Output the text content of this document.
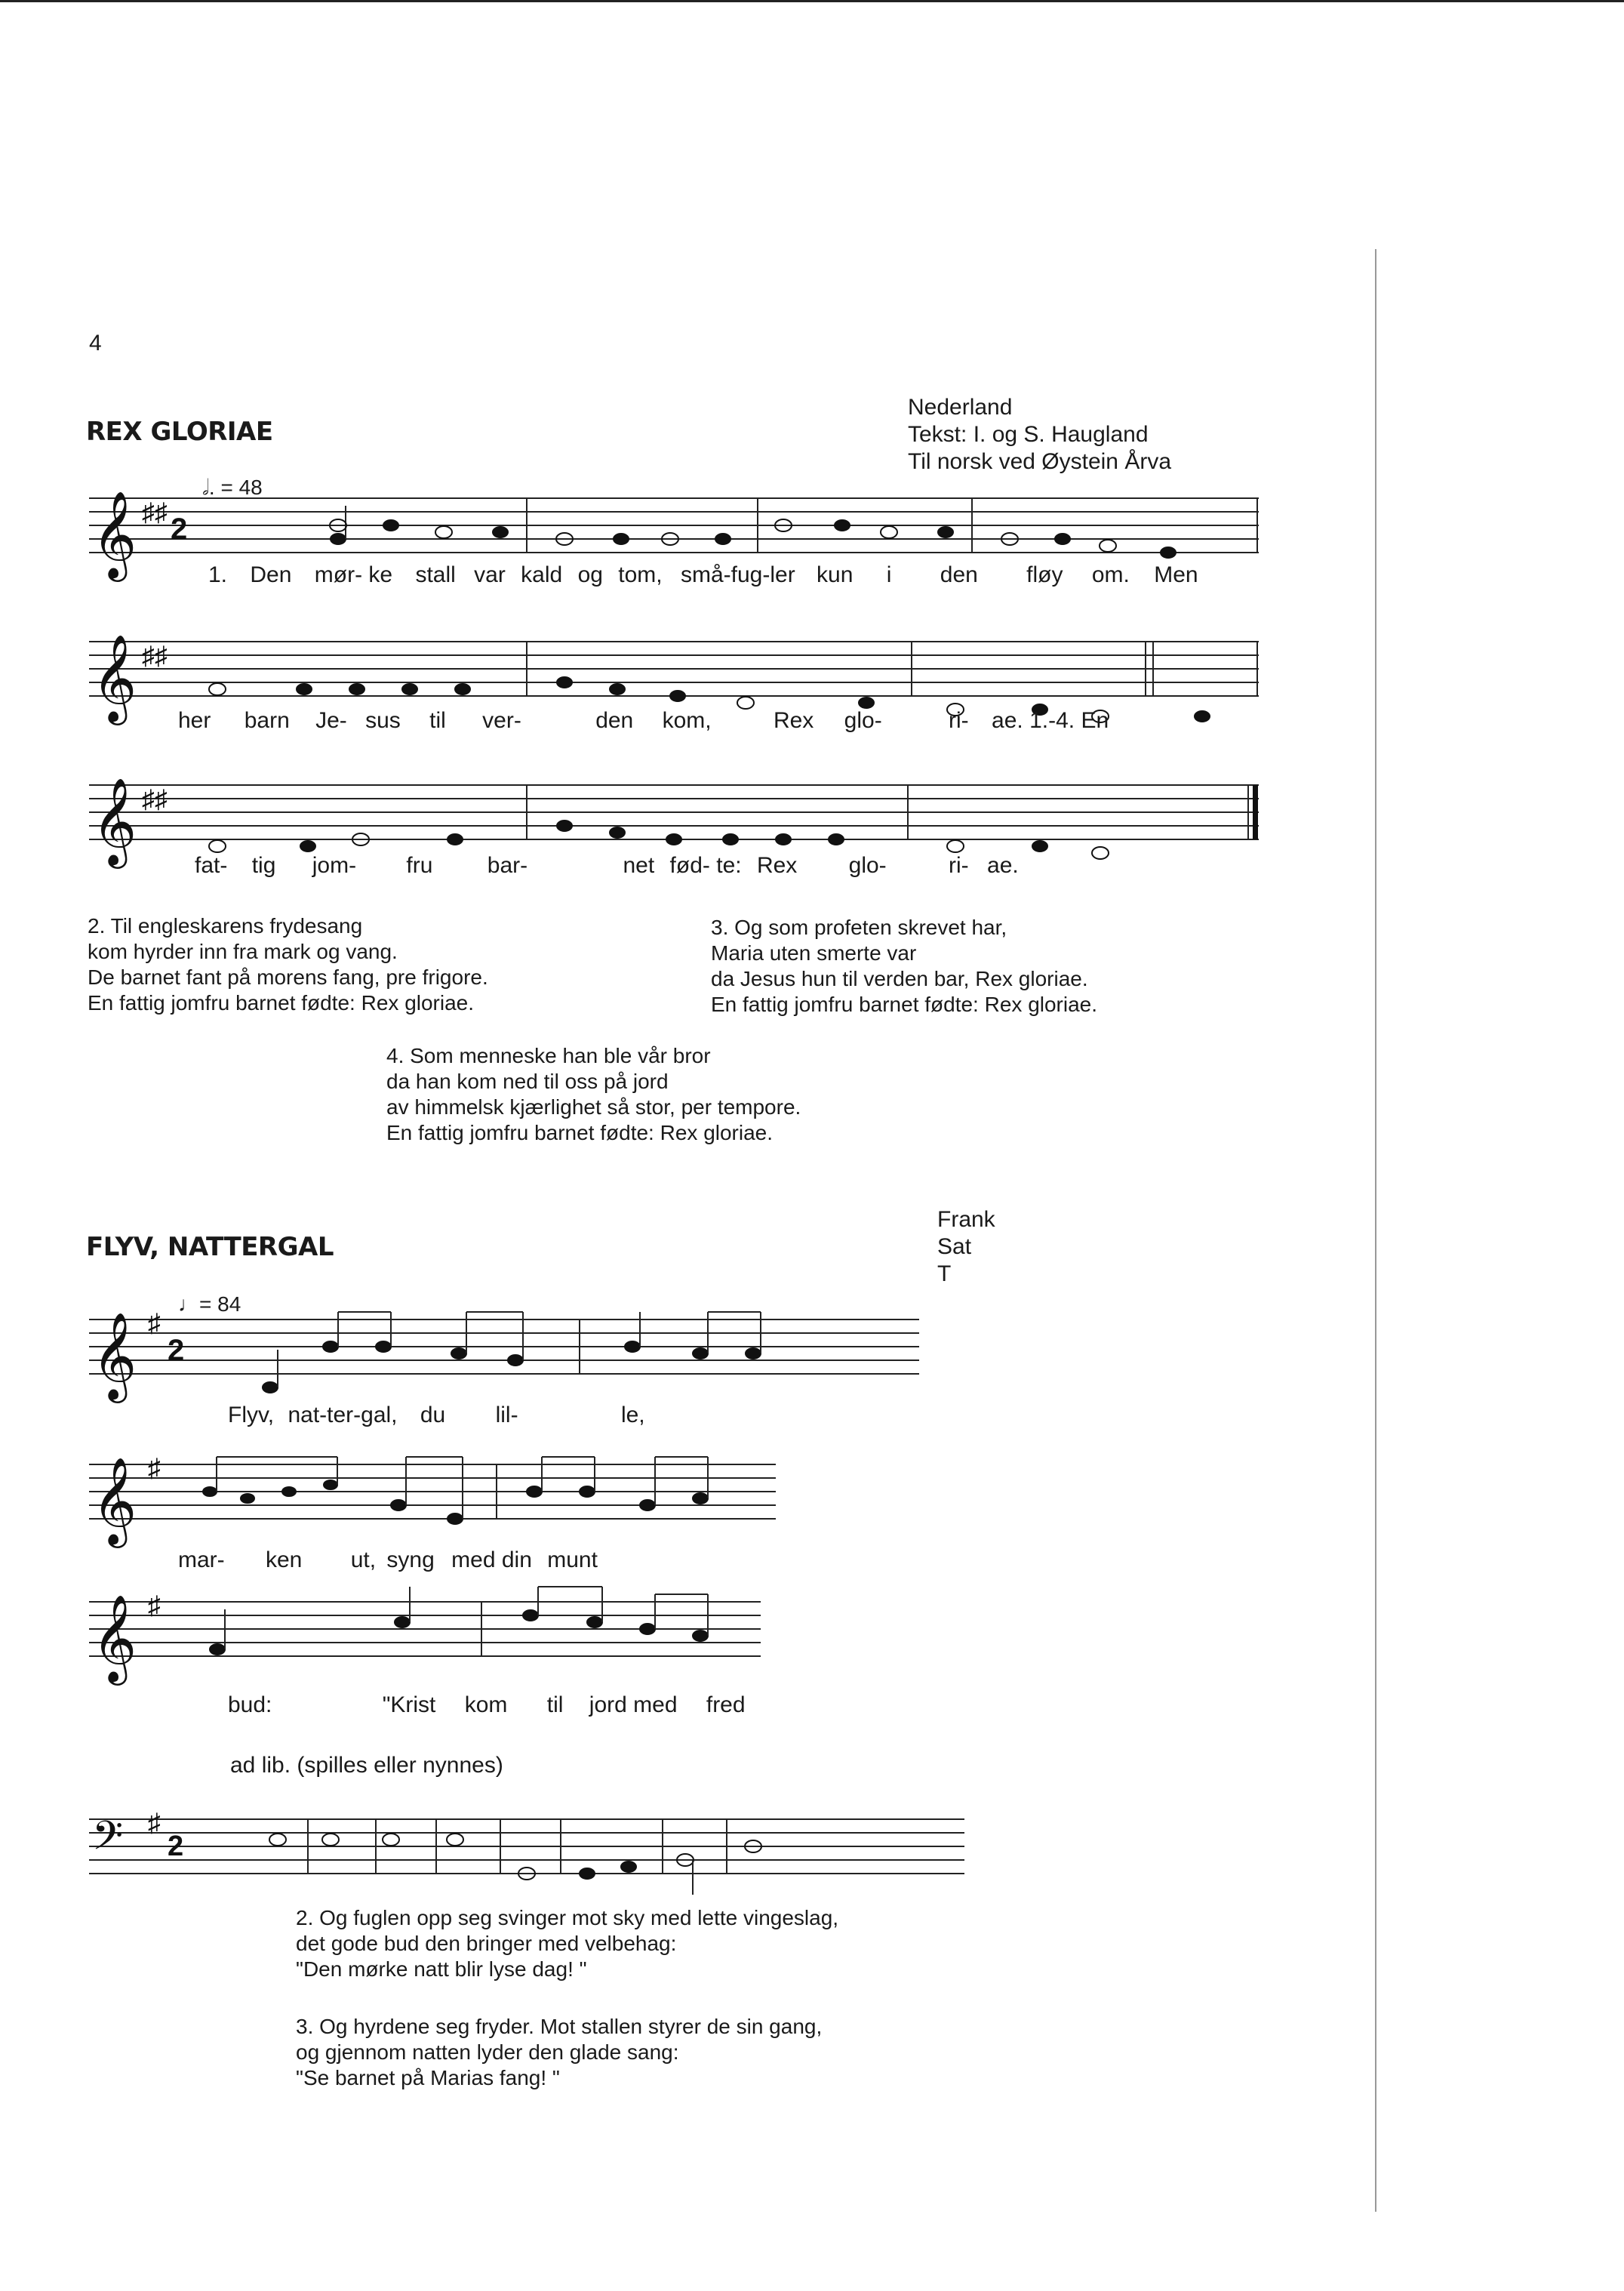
4
REX GLORIAE
Nederland
Tekst: I. og S. Haugland
Til norsk ved Øystein Årva
𝅗𝅥. = 48
𝄞 ♯♯ 2
1. Den mør- ke stall var kald og tom, små-fug-ler kun i den fløy om. Men
𝄞 ♯♯
her barn Je- sus til ver-	den kom,	Rex glo-	ri- ae. 1.-4. En
𝄞 ♯♯
fat- tig jom- fru bar-	net fød- te: Rex glo-	ri- ae.
2. Til engleskarens frydesang
kom hyrder inn fra mark og vang.
De barnet fant på morens fang, pre frigore.
En fattig jomfru barnet fødte: Rex gloriae.
3. Og som profeten skrevet har,
Maria uten smerte var
da Jesus hun til verden bar, Rex gloriae.
En fattig jomfru barnet fødte: Rex gloriae.
4. Som menneske han ble vår bror
da han kom ned til oss på jord
av himmelsk kjærlighet så stor, per tempore.
En fattig jomfru barnet fødte: Rex gloriae.
FLYV, NATTERGAL
Frank
Sat
T
♩= 84
𝄞 ♯
2
Flyv, nat-ter-gal, du lil-	le,
𝄞 ♯
mar- ken ut, syng med din munt
𝄞 ♯
bud:	"Krist kom til jord med fred
ad lib. (spilles eller nynnes)
𝄢 ♯
2
2. Og fuglen opp seg svinger mot sky med lette vingeslag,
det gode bud den bringer med velbehag:
"Den mørke natt blir lyse dag! "
3. Og hyrdene seg fryder. Mot stallen styrer de sin gang,
og gjennom natten lyder den glade sang:
"Se barnet på Marias fang! "
